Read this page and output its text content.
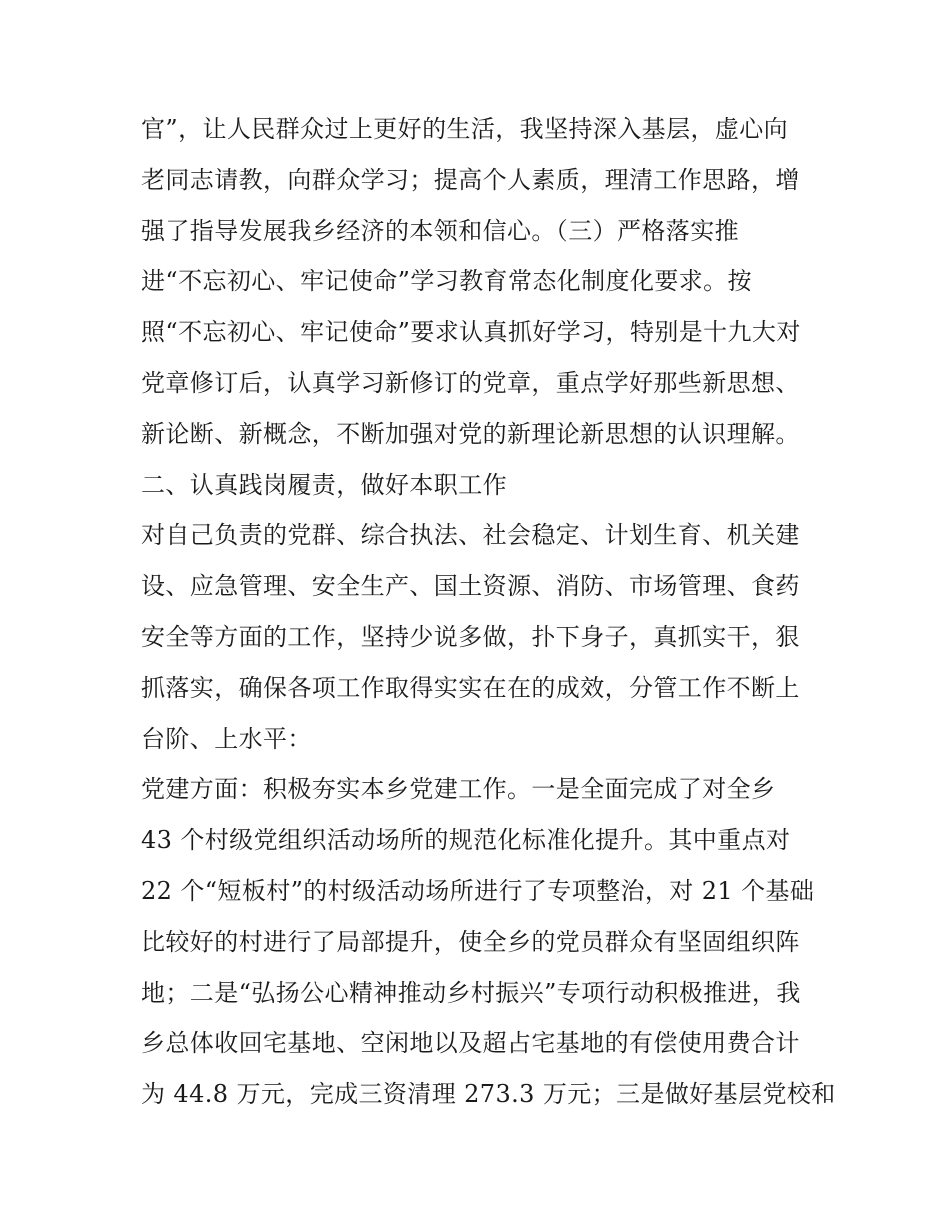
官”，让人民群众过上更好的生活，我坚持深入基层，虚心向
老同志请教，向群众学习；提高个人素质，理清工作思路，增
强了指导发展我乡经济的本领和信心。（三）严格落实推
进“不忘初心、牢记使命”学习教育常态化制度化要求。按
照“不忘初心、牢记使命”要求认真抓好学习，特别是十九大对
党章修订后，认真学习新修订的党章，重点学好那些新思想、
新论断、新概念，不断加强对党的新理论新思想的认识理解。
二、认真践岗履责，做好本职工作
对自己负责的党群、综合执法、社会稳定、计划生育、机关建
设、应急管理、安全生产、国土资源、消防、市场管理、食药
安全等方面的工作，坚持少说多做，扑下身子，真抓实干，狠
抓落实，确保各项工作取得实实在在的成效，分管工作不断上
台阶、上水平：
党建方面：积极夯实本乡党建工作。一是全面完成了对全乡
43 个村级党组织活动场所的规范化标准化提升。其中重点对
22 个“短板村”的村级活动场所进行了专项整治，对 21 个基础
比较好的村进行了局部提升，使全乡的党员群众有坚固组织阵
地；二是“弘扬公心精神推动乡村振兴”专项行动积极推进，我
乡总体收回宅基地、空闲地以及超占宅基地的有偿使用费合计
为 44.8 万元，完成三资清理 273.3 万元；三是做好基层党校和
